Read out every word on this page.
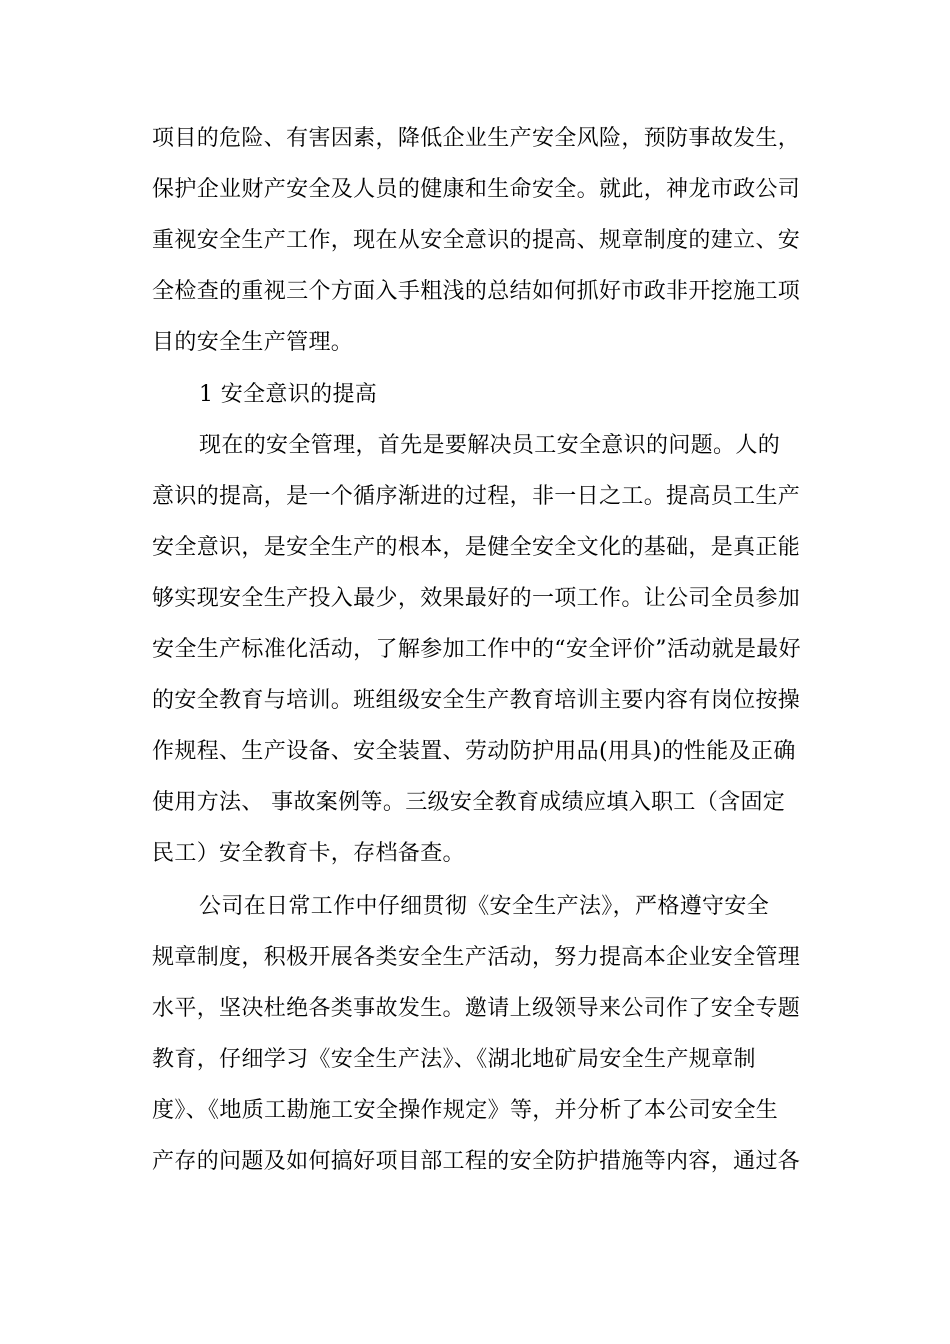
项目的危险、有害因素，降低企业生产安全风险，预防事故发生，
保护企业财产安全及人员的健康和生命安全。就此，神龙市政公司
重视安全生产工作，现在从安全意识的提高、规章制度的建立、安
全检查的重视三个方面入手粗浅的总结如何抓好市政非开挖施工项
目的安全生产管理。
1 安全意识的提高
现在的安全管理，首先是要解决员工安全意识的问题。人的
意识的提高，是一个循序渐进的过程，非一日之工。提高员工生产
安全意识，是安全生产的根本，是健全安全文化的基础，是真正能
够实现安全生产投入最少，效果最好的一项工作。让公司全员参加
安全生产标准化活动，了解参加工作中的“安全评价”活动就是最好
的安全教育与培训。班组级安全生产教育培训主要内容有岗位按操
作规程、生产设备、安全装置、劳动防护用品(用具)的性能及正确
使用方法、 事故案例等。三级安全教育成绩应填入职工（含固定
民工）安全教育卡，存档备查。
公司在日常工作中仔细贯彻《安全生产法》，严格遵守安全
规章制度，积极开展各类安全生产活动，努力提高本企业安全管理
水平，坚决杜绝各类事故发生。邀请上级领导来公司作了安全专题
教育，仔细学习《安全生产法》、《湖北地矿局安全生产规章制
度》、《地质工勘施工安全操作规定》等，并分析了本公司安全生
产存的问题及如何搞好项目部工程的安全防护措施等内容，通过各
